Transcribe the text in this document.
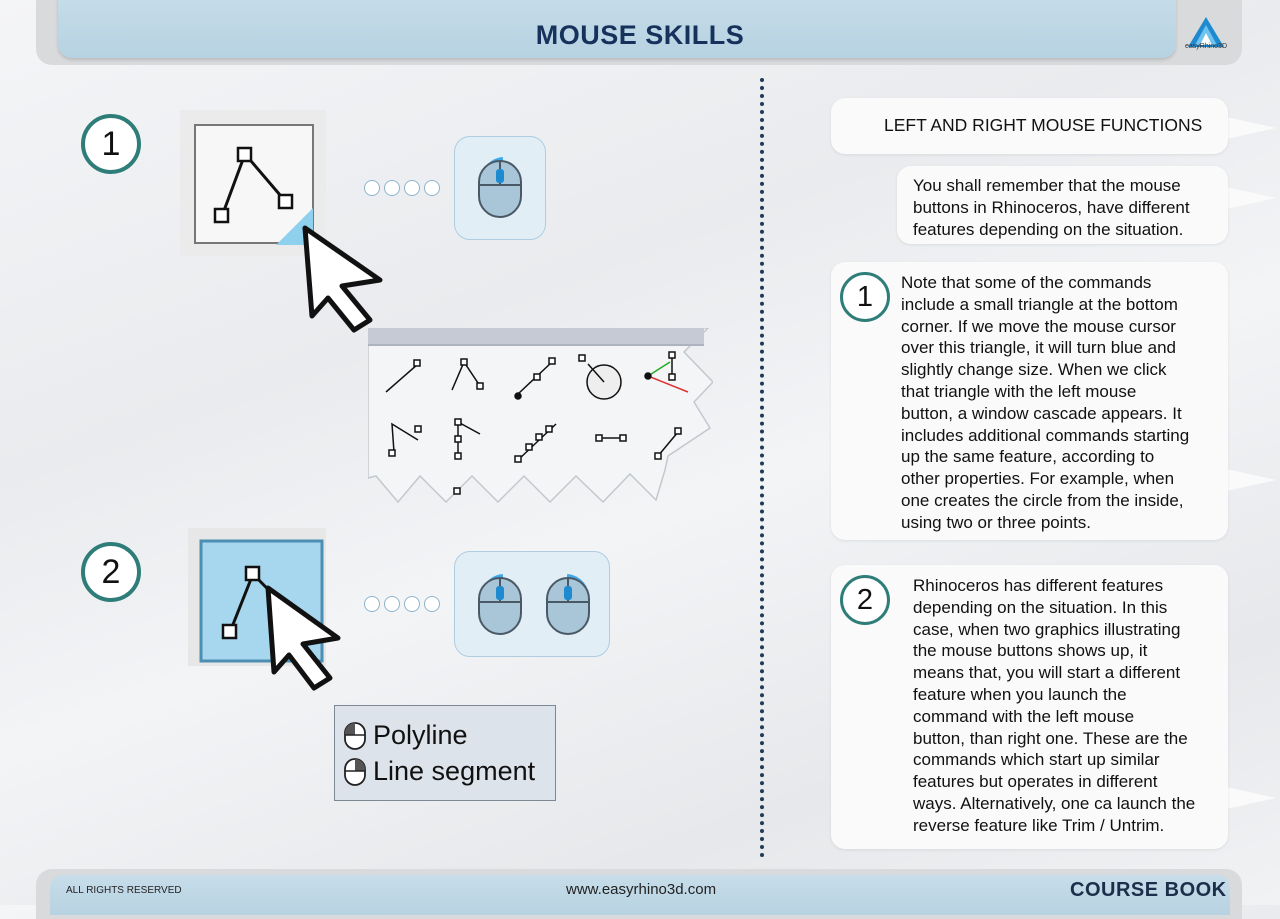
MOUSE SKILLS	easyRhino3D
1
2
Polyline
Line segment
LEFT AND RIGHT MOUSE FUNCTIONS
You shall remember that the mouse
buttons in Rhinoceros, have different
features depending on the situation.
1	Note that some of the commands
include a small triangle at the bottom
corner. If we move the mouse cursor
over this triangle, it will turn blue and
slightly change size. When we click
that triangle with the left mouse
button, a window cascade appears. It
includes additional commands starting
up the same feature, according to
other properties. For example, when
one creates the circle from the inside,
using two or three points.
2	Rhinoceros has different features
depending on the situation. In this
case, when two graphics illustrating
the mouse buttons shows up, it
means that, you will start a different
feature when you launch the
command with the left mouse
button, than right one. These are the
commands which start up similar
features but operates in different
ways. Alternatively, one ca launch the
reverse feature like Trim / Untrim.
ALL RIGHTS RESERVED	www.easyrhino3d.com	COURSE BOOK
